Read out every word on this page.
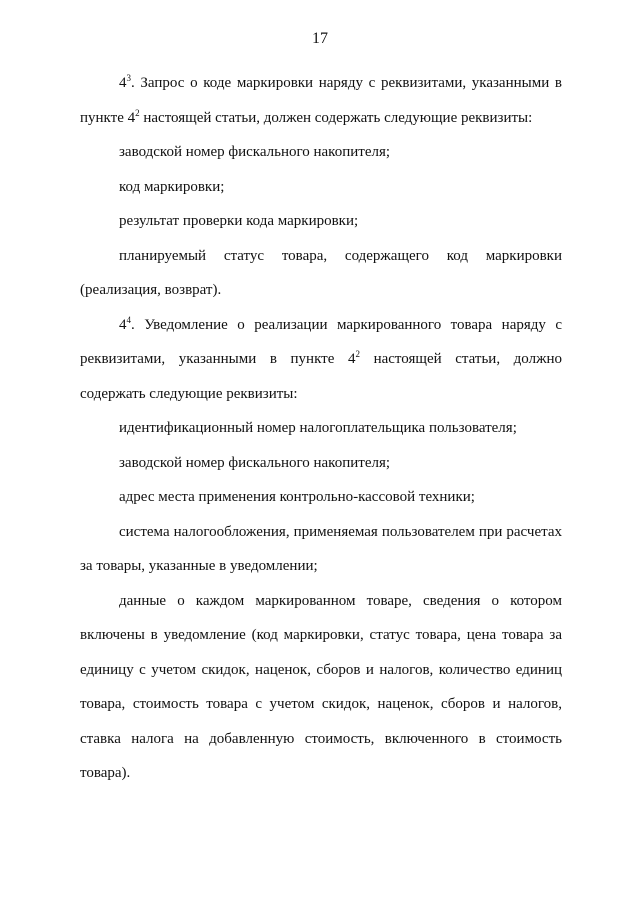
17

$4^3$. Запрос о коде маркировки наряду с реквизитами, указанными в пункте $4^2$ настоящей статьи, должен содержать следующие реквизиты:

заводской номер фискального накопителя;

код маркировки;

результат проверки кода маркировки;

планируемый статус товара, содержащего код маркировки (реализация, возврат).

$4^4$. Уведомление о реализации маркированного товара наряду с реквизитами, указанными в пункте $4^2$ настоящей статьи, должно содержать следующие реквизиты:

идентификационный номер налогоплательщика пользователя;

заводской номер фискального накопителя;

адрес места применения контрольно-кассовой техники;

система налогообложения, применяемая пользователем при расчетах за товары, указанные в уведомлении;

данные о каждом маркированном товаре, сведения о котором включены в уведомление (код маркировки, статус товара, цена товара за единицу с учетом скидок, наценок, сборов и налогов, количество единиц товара, стоимость товара с учетом скидок, наценок, сборов и налогов, ставка налога на добавленную стоимость, включенного в стоимость товара).
